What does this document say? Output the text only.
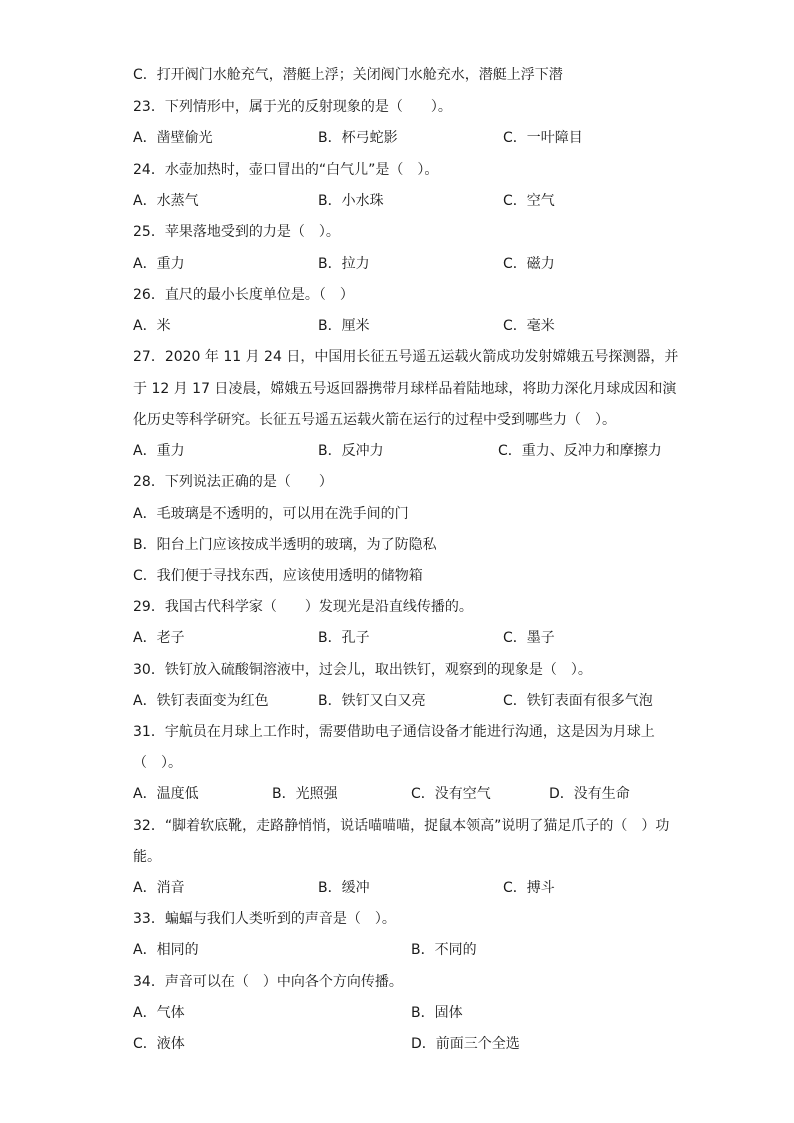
C．打开阀门水舱充气，潜艇上浮；关闭阀门水舱充水，潜艇上浮下潜
23．下列情形中，属于光的反射现象的是（　　）。
A．凿壁偷光	B．杯弓蛇影	C．一叶障目
24．水壶加热时，壶口冒出的“白气儿”是（　）。
A．水蒸气	B．小水珠	C．空气
25．苹果落地受到的力是（　）。
A．重力	B．拉力	C．磁力
26．直尺的最小长度单位是。（　）
A．米	B．厘米	C．毫米
27．2020 年 11 月 24 日，中国用长征五号遥五运载火箭成功发射嫦娥五号探测器，并
于 12 月 17 日凌晨，嫦娥五号返回器携带月球样品着陆地球，将助力深化月球成因和演
化历史等科学研究。长征五号遥五运载火箭在运行的过程中受到哪些力（　）。
A．重力	B．反冲力	C．重力、反冲力和摩擦力
28．下列说法正确的是（　　）
A．毛玻璃是不透明的，可以用在洗手间的门
B．阳台上门应该按成半透明的玻璃，为了防隐私
C．我们便于寻找东西，应该使用透明的储物箱
29．我国古代科学家（　　）发现光是沿直线传播的。
A．老子	B．孔子	C．墨子
30．铁钉放入硫酸铜溶液中，过会儿，取出铁钉，观察到的现象是（　）。
A．铁钉表面变为红色	B．铁钉又白又亮	C．铁钉表面有很多气泡
31．宇航员在月球上工作时，需要借助电子通信设备才能进行沟通，这是因为月球上
（　）。
A．温度低	B．光照强	C．没有空气	D．没有生命
32．“脚着软底靴，走路静悄悄，说话喵喵喵，捉鼠本领高”说明了猫足爪子的（　）功
能。
A．消音	B．缓冲	C．搏斗
33．蝙蝠与我们人类听到的声音是（　）。
A．相同的	B．不同的
34．声音可以在（　）中向各个方向传播。
A．气体	B．固体
C．液体	D．前面三个全选
